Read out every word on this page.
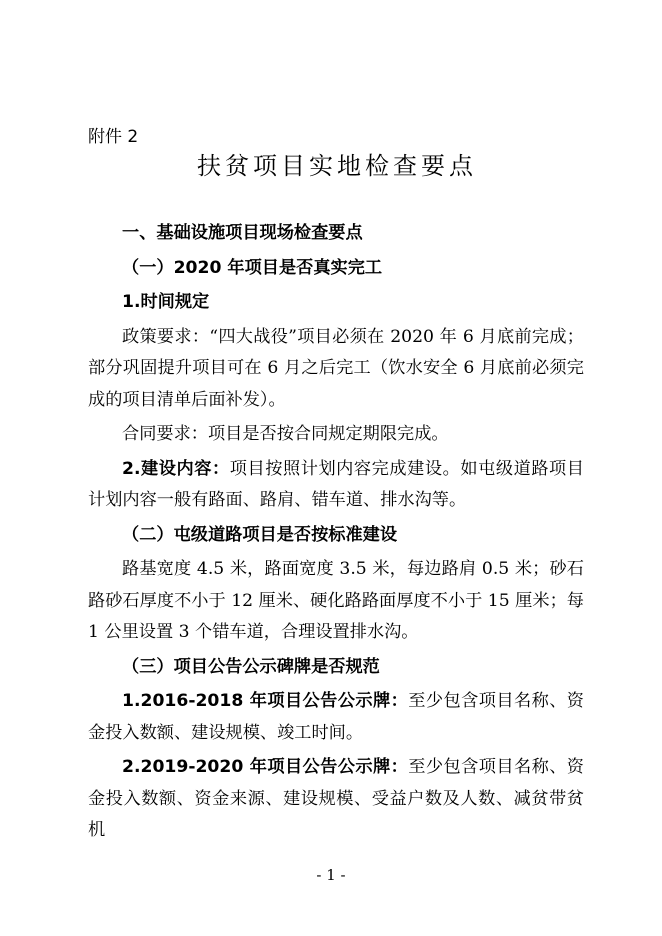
附件 2
扶贫项目实地检查要点

一、基础设施项目现场检查要点

（一）2020 年项目是否真实完工

1.时间规定

政策要求：“四大战役”项目必须在 2020 年 6 月底前完成；部分巩固提升项目可在 6 月之后完工（饮水安全 6 月底前必须完成的项目清单后面补发）。

合同要求：项目是否按合同规定期限完成。

2.建设内容：项目按照计划内容完成建设。如屯级道路项目计划内容一般有路面、路肩、错车道、排水沟等。

（二）屯级道路项目是否按标准建设

路基宽度 4.5 米，路面宽度 3.5 米，每边路肩 0.5 米；砂石路砂石厚度不小于 12 厘米、硬化路路面厚度不小于 15 厘米；每 1 公里设置 3 个错车道，合理设置排水沟。

（三）项目公告公示碑牌是否规范

1.2016-2018 年项目公告公示牌：至少包含项目名称、资金投入数额、建设规模、竣工时间。

2.2019-2020 年项目公告公示牌：至少包含项目名称、资金投入数额、资金来源、建设规模、受益户数及人数、减贫带贫机

- 1 -
